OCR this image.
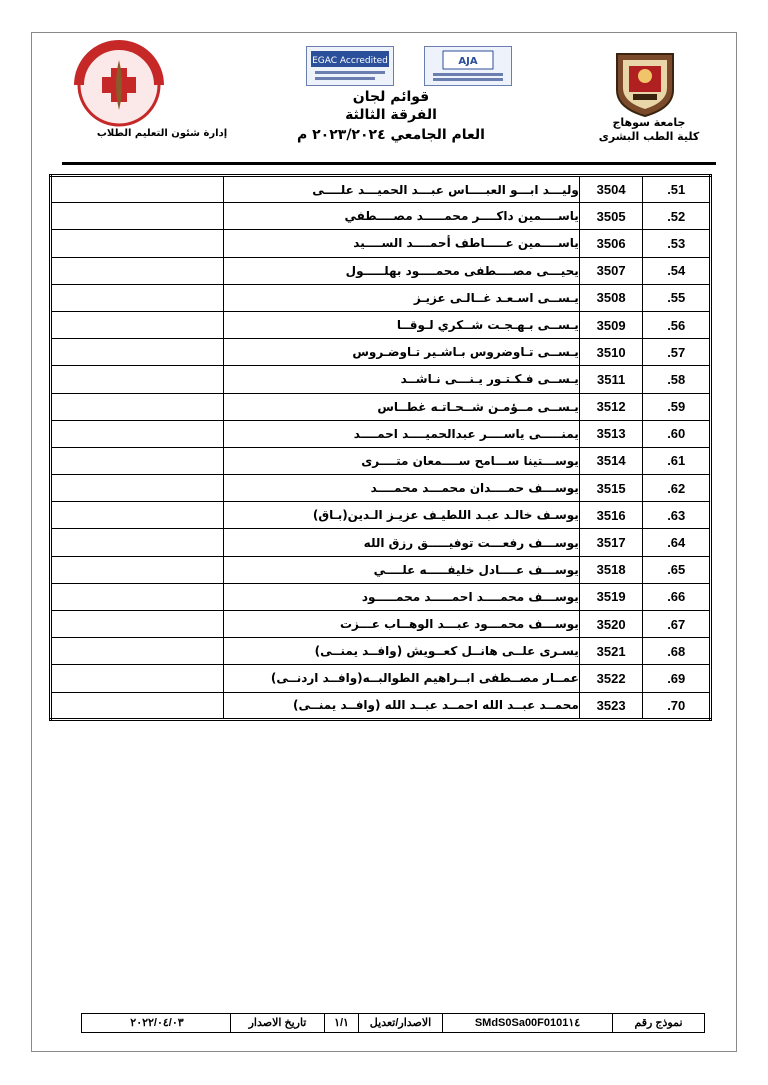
جامعة سوهاج
كلية الطب البشرى
EGAC Accredited	AJA
قوائم لجان
الفرقة الثالثة
العام الجامعي ٢٠٢٣/٢٠٢٤ م
إدارة شئون التعليم الطلاب
	وليـــد ابـــو العبــــاس عبـــد الحميـــد علــــى	3504	.51
	ياســــمين داكــــر محمـــــد مصــــطفي	3505	.52
	ياســــمين عـــــاطف أحمــــد الســــيد	3506	.53
	يحيـــى مصــــطفى محمــــود بهلـــــول	3507	.54
	يـســى اسـعـد غــالـى عزيـز	3508	.55
	يـســى بـهـجـت شــكري لـوقــا	3509	.56
	يـســى تـاوضروس بـاشـير تـاوضـروس	3510	.57
	يـســى فـكـتـور يـنـــى نـاشــد	3511	.58
	يـســى مــؤمـن شــحـاتـه غطــاس	3512	.59
	يمنـــــى ياســــر عبدالحميــــد احمــــد	3513	.60
	يوســـتينا ســـامح ســــمعان متــــرى	3514	.61
	يوســـف حمــــدان محمـــد محمــــد	3515	.62
	يوسـف خالـد عبـد اللطيـف عزيـز الـدين(بـاق)	3516	.63
	يوســـف رفعـــت توفيـــــق رزق الله	3517	.64
	يوســـف عــــادل خليفـــــه علــــي	3518	.65
	يوســـف محمــــد احمـــــد محمـــــود	3519	.66
	يوســـف محمـــود عبـــد الوهــاب عـــزت	3520	.67
	يسـرى علــى هانــل كعــويش (وافــد يمنــى)	3521	.68
	عمــار مصــطفى ابــراهيم الطوالبــه(وافــد اردنــى)	3522	.69
	محمــد عبــد الله احمــد عبــد الله (وافــد يمنــى)	3523	.70
نموذج رقم
SMdS0Sa00F0101١٤
الاصدار/تعديل
١/١
تاريخ الاصدار
٢٠٢٢/٠٤/٠٣
